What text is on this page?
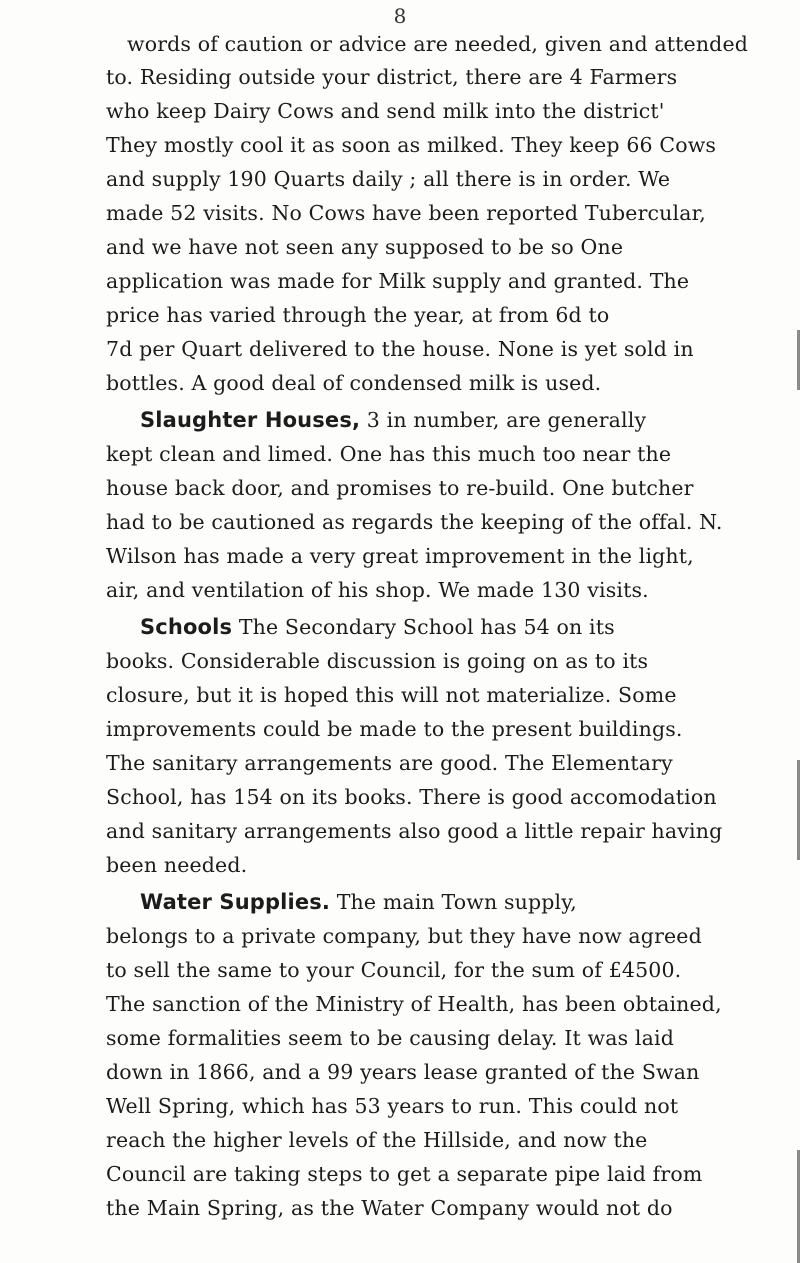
8
words of caution or advice are needed, given and attended
to. Residing outside your district, there are 4 Farmers
who keep Dairy Cows and send milk into the district'
They mostly cool it as soon as milked. They keep 66 Cows
and supply 190 Quarts daily ; all there is in order. We
made 52 visits. No Cows have been reported Tubercular,
and we have not seen any supposed to be so One
application was made for Milk supply and granted. The
price has varied through the year, at from 6d to
7d per Quart delivered to the house. None is yet sold in
bottles. A good deal of condensed milk is used.
Slaughter Houses, 3 in number, are generally
kept clean and limed. One has this much too near the
house back door, and promises to re-build. One butcher
had to be cautioned as regards the keeping of the offal. N.
Wilson has made a very great improvement in the light,
air, and ventilation of his shop. We made 130 visits.
Schools The Secondary School has 54 on its
books. Considerable discussion is going on as to its
closure, but it is hoped this will not materialize. Some
improvements could be made to the present buildings.
The sanitary arrangements are good. The Elementary
School, has 154 on its books. There is good accomodation
and sanitary arrangements also good a little repair having
been needed.
Water Supplies. The main Town supply,
belongs to a private company, but they have now agreed
to sell the same to your Council, for the sum of £4500.
The sanction of the Ministry of Health, has been obtained,
some formalities seem to be causing delay. It was laid
down in 1866, and a 99 years lease granted of the Swan
Well Spring, which has 53 years to run. This could not
reach the higher levels of the Hillside, and now the
Council are taking steps to get a separate pipe laid from
the Main Spring, as the Water Company would not do
